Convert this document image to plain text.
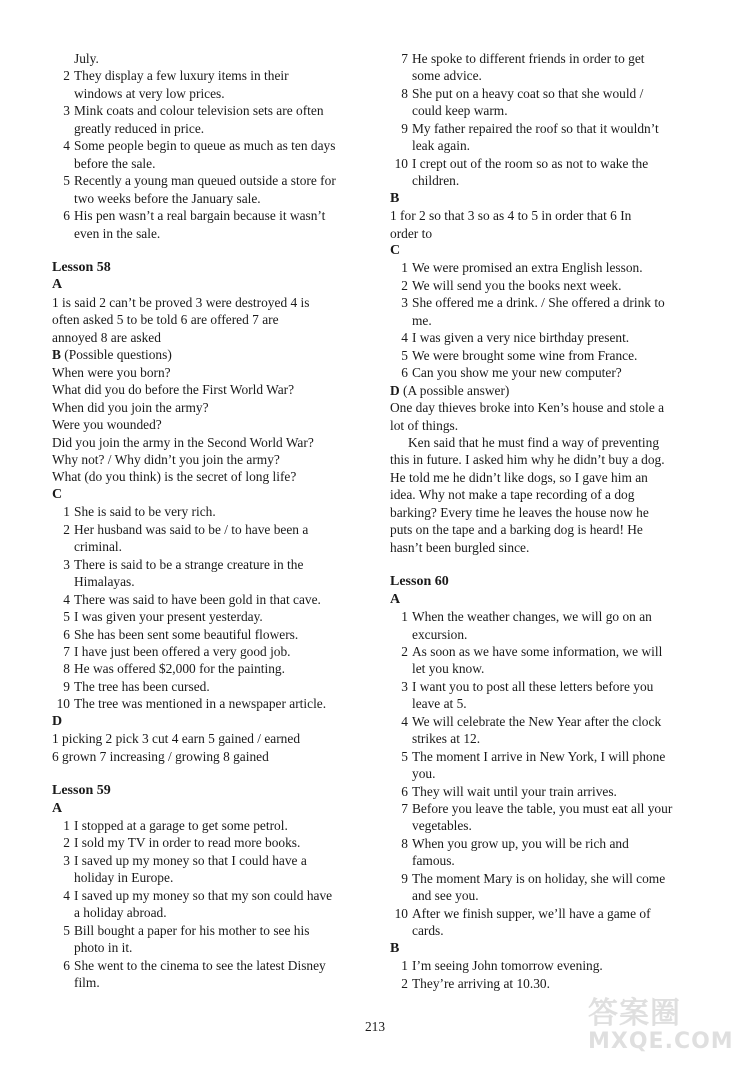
July.
2 They display a few luxury items in their
windows at very low prices.
3 Mink coats and colour television sets are often
greatly reduced in price.
4 Some people begin to queue as much as ten days
before the sale.
5 Recently a young man queued outside a store for
two weeks before the January sale.
6 His pen wasn’t a real bargain because it wasn’t
even in the sale.
Lesson 58
A
1 is said 2 can’t be proved 3 were destroyed 4 is
often asked 5 to be told 6 are offered 7 are
annoyed 8 are asked
B (Possible questions)
When were you born?
What did you do before the First World War?
When did you join the army?
Were you wounded?
Did you join the army in the Second World War?
Why not? / Why didn’t you join the army?
What (do you think) is the secret of long life?
C
1 She is said to be very rich.
2 Her husband was said to be / to have been a
criminal.
3 There is said to be a strange creature in the
Himalayas.
4 There was said to have been gold in that cave.
5 I was given your present yesterday.
6 She has been sent some beautiful flowers.
7 I have just been offered a very good job.
8 He was offered $2,000 for the painting.
9 The tree has been cursed.
10 The tree was mentioned in a newspaper article.
D
1 picking 2 pick 3 cut 4 earn 5 gained / earned
6 grown 7 increasing / growing 8 gained
Lesson 59
A
1 I stopped at a garage to get some petrol.
2 I sold my TV in order to read more books.
3 I saved up my money so that I could have a
holiday in Europe.
4 I saved up my money so that my son could have
a holiday abroad.
5 Bill bought a paper for his mother to see his
photo in it.
6 She went to the cinema to see the latest Disney
film.
7 He spoke to different friends in order to get
some advice.
8 She put on a heavy coat so that she would /
could keep warm.
9 My father repaired the roof so that it wouldn’t
leak again.
10 I crept out of the room so as not to wake the
children.
B
1 for 2 so that 3 so as 4 to 5 in order that 6 In
order to
C
1 We were promised an extra English lesson.
2 We will send you the books next week.
3 She offered me a drink. / She offered a drink to
me.
4 I was given a very nice birthday present.
5 We were brought some wine from France.
6 Can you show me your new computer?
D (A possible answer)
One day thieves broke into Ken’s house and stole a
lot of things.
Ken said that he must find a way of preventing
this in future. I asked him why he didn’t buy a dog.
He told me he didn’t like dogs, so I gave him an
idea. Why not make a tape recording of a dog
barking? Every time he leaves the house now he
puts on the tape and a barking dog is heard! He
hasn’t been burgled since.
Lesson 60
A
1 When the weather changes, we will go on an
excursion.
2 As soon as we have some information, we will
let you know.
3 I want you to post all these letters before you
leave at 5.
4 We will celebrate the New Year after the clock
strikes at 12.
5 The moment I arrive in New York, I will phone
you.
6 They will wait until your train arrives.
7 Before you leave the table, you must eat all your
vegetables.
8 When you grow up, you will be rich and
famous.
9 The moment Mary is on holiday, she will come
and see you.
10 After we finish supper, we’ll have a game of
cards.
B
1 I’m seeing John tomorrow evening.
2 They’re arriving at 10.30.
213	答案圈
MXQE.COM
